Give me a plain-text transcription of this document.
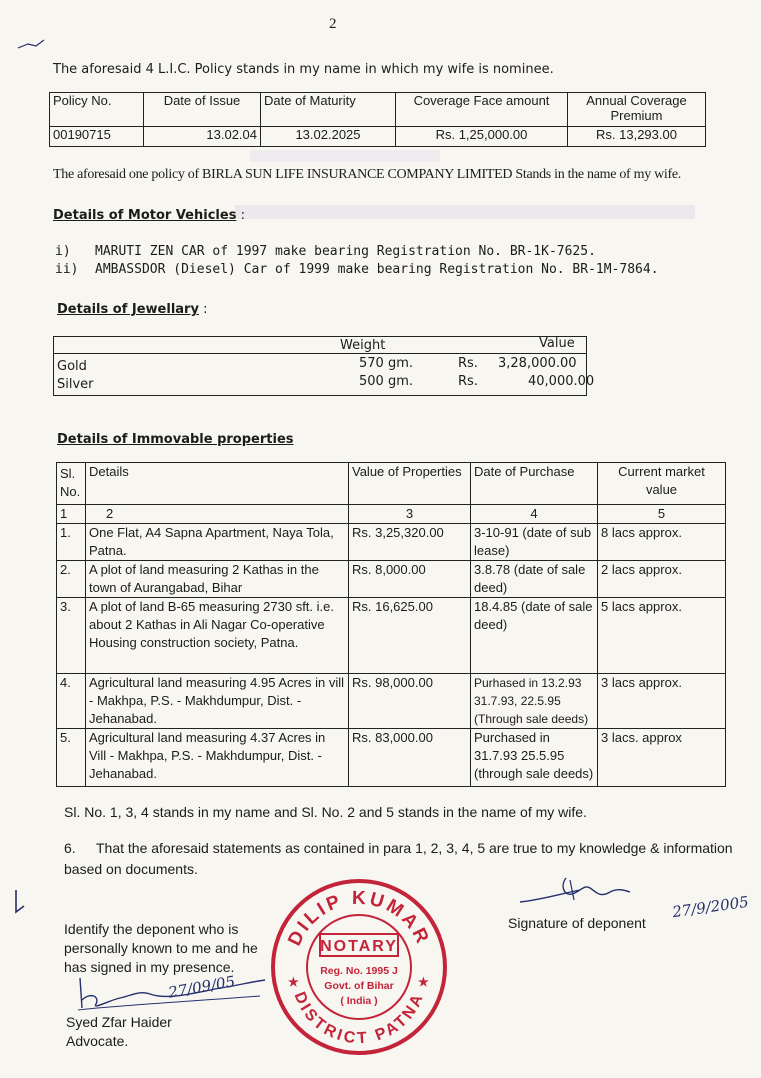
2
The aforesaid 4 L.I.C. Policy stands in my name in which my wife is nominee.
Policy No.	Date of Issue	Date of Maturity	Coverage Face amount	Annual Coverage Premium
00190715	13.02.04	13.02.2025	Rs. 1,25,000.00	Rs. 13,293.00
The aforesaid one policy of BIRLA SUN LIFE INSURANCE COMPANY LIMITED Stands in the name of my wife.
Details of Motor Vehicles :
i) MARUTI ZEN CAR of 1997 make bearing Registration No. BR-1K-7625.
ii) AMBASSDOR (Diesel) Car of 1999 make bearing Registration No. BR-1M-7864.
Details of Jewellary :
Weight	Value
Gold	570 gm.	Rs. 3,28,000.00
Silver	500 gm.	Rs.	40,000.00
Details of Immovable properties
Sl. No.	Details	Value of Properties	Date of Purchase	Current market value
1	2	3	4	5
1.	One Flat, A4 Sapna Apartment, Naya Tola, Patna.	Rs. 3,25,320.00	3-10-91 (date of sub lease)	8 lacs approx.
2.	A plot of land measuring 2 Kathas in the town of Aurangabad, Bihar	Rs. 8,000.00	3.8.78 (date of sale deed)	2 lacs approx.
3.	A plot of land B-65 measuring 2730 sft. i.e. about 2 Kathas in Ali Nagar Co-operative Housing construction society, Patna.	Rs. 16,625.00	18.4.85 (date of sale deed)	5 lacs approx.
4.	Agricultural land measuring 4.95 Acres in vill - Makhpa, P.S. - Makhdumpur, Dist. - Jehanabad.	Rs. 98,000.00	Purhased in 13.2.93 31.7.93, 22.5.95 (Through sale deeds)	3 lacs approx.
5.	Agricultural land measuring 4.37 Acres in Vill - Makhpa, P.S. - Makhdumpur, Dist. - Jehanabad.	Rs. 83,000.00	Purchased in 31.7.93 25.5.95 (through sale deeds)	3 lacs. approx
Sl. No. 1, 3, 4 stands in my name and Sl. No. 2 and 5 stands in the name of my wife.
6. That the aforesaid statements as contained in para 1, 2, 3, 4, 5 are true to my knowledge & information based on documents.
Identify the deponent who is personally known to me and he has signed in my presence.
27/09/05
Syed Zfar Haider
Advocate.
DILIP KUMAR
DISTRICT PATNA
NOTARY
Reg. No. 1995 J
Govt. of Bihar
( India )
★	★
27/9/2005
Signature of deponent
